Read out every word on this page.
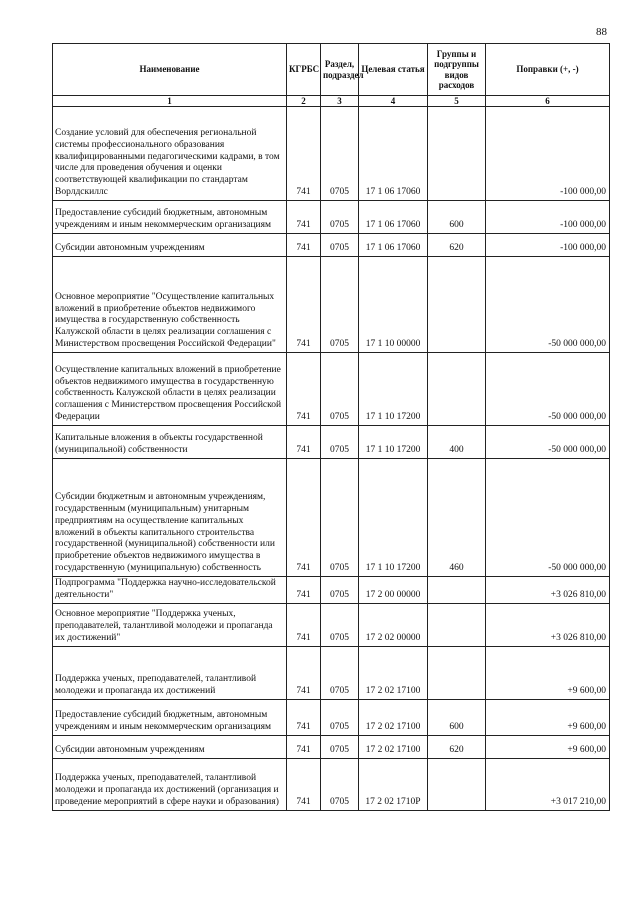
88
Наименование	КГРБС	Раздел, подраздел	Целевая статья	Группы и подгруппы видов расходов	Поправки (+, -)
1	2	3	4	5	6
Создание условий для обеспечения региональной системы профессионального образования квалифицированными педагогическими кадрами, в том числе для проведения обучения и оценки соответствующей квалификации по стандартам Ворлдскиллс	741	0705	17 1 06 17060		-100 000,00
Предоставление субсидий бюджетным, автономным учреждениям и иным некоммерческим организациям	741	0705	17 1 06 17060	600	-100 000,00
Субсидии автономным учреждениям	741	0705	17 1 06 17060	620	-100 000,00
Основное мероприятие "Осуществление капитальных вложений в приобретение объектов недвижимого имущества в государственную собственность Калужской области в целях реализации соглашения с Министерством просвещения Российской Федерации"	741	0705	17 1 10 00000		-50 000 000,00
Осуществление капитальных вложений в приобретение объектов недвижимого имущества в государственную собственность Калужской области в целях реализации соглашения с Министерством просвещения Российской Федерации	741	0705	17 1 10 17200		-50 000 000,00
Капитальные вложения в объекты государственной (муниципальной) собственности	741	0705	17 1 10 17200	400	-50 000 000,00
Субсидии бюджетным и автономным учреждениям, государственным (муниципальным) унитарным предприятиям на осуществление капитальных вложений в объекты капитального строительства государственной (муниципальной) собственности или приобретение объектов недвижимого имущества в государственную (муниципальную) собственность	741	0705	17 1 10 17200	460	-50 000 000,00
Подпрограмма "Поддержка научно-исследовательской деятельности"	741	0705	17 2 00 00000		+3 026 810,00
Основное мероприятие "Поддержка ученых, преподавателей, талантливой молодежи и пропаганда их достижений"	741	0705	17 2 02 00000		+3 026 810,00
Поддержка ученых, преподавателей, талантливой молодежи и пропаганда их достижений	741	0705	17 2 02 17100		+9 600,00
Предоставление субсидий бюджетным, автономным учреждениям и иным некоммерческим организациям	741	0705	17 2 02 17100	600	+9 600,00
Субсидии автономным учреждениям	741	0705	17 2 02 17100	620	+9 600,00
Поддержка ученых, преподавателей, талантливой молодежи и пропаганда их достижений (организация и проведение мероприятий в сфере науки и образования)	741	0705	17 2 02 1710P		+3 017 210,00
